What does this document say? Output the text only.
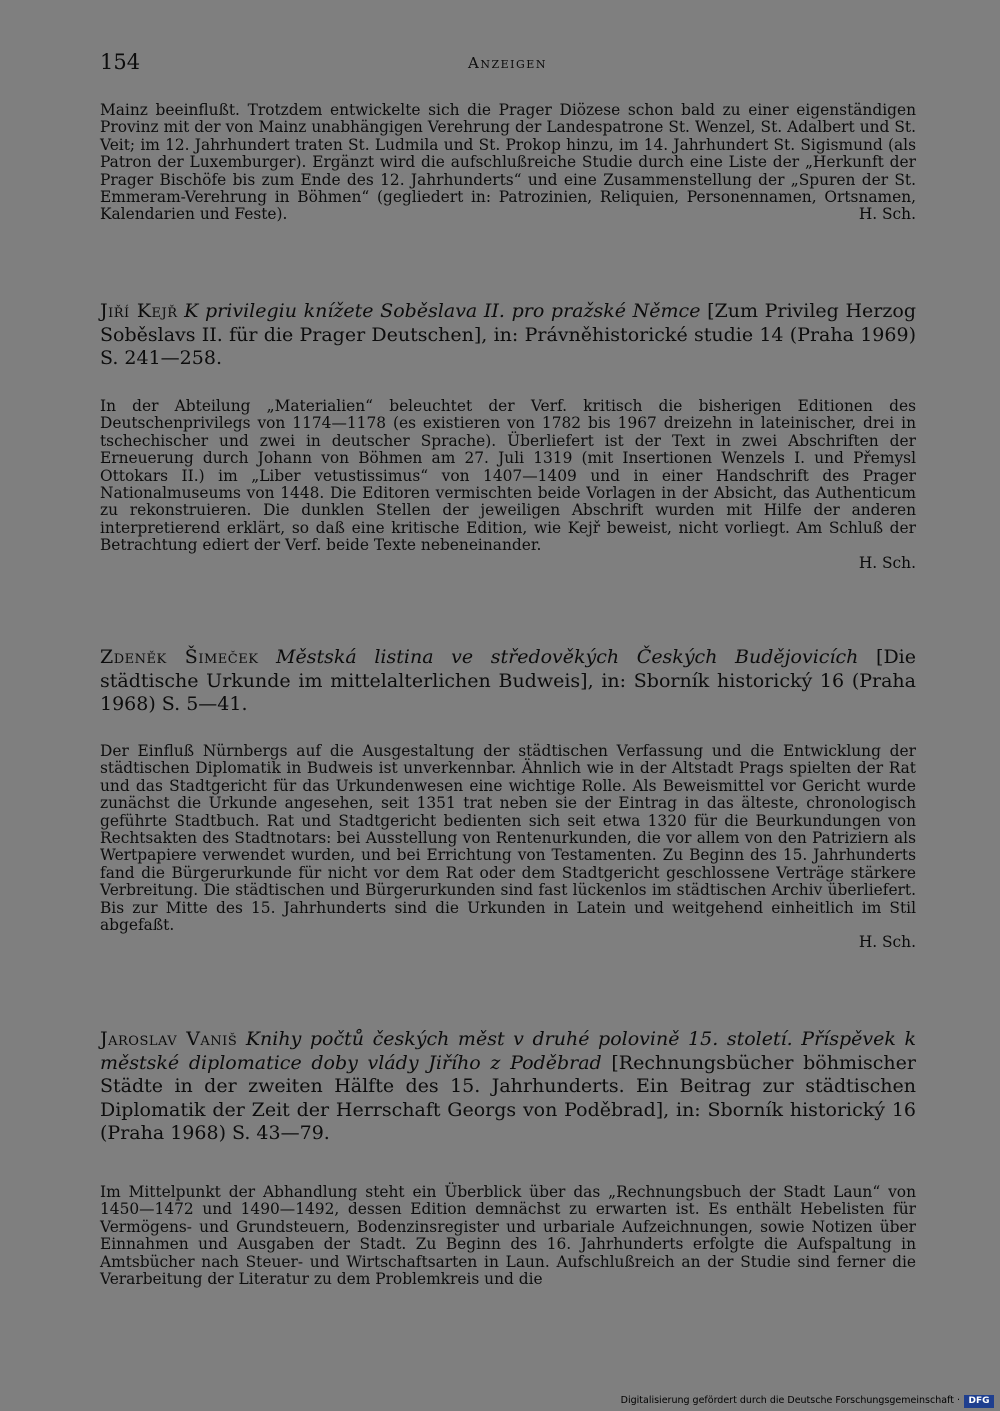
154	Anzeigen

Mainz beeinflußt. Trotzdem entwickelte sich die Prager Diözese schon bald zu einer eigenständigen Provinz mit der von Mainz unabhängigen Verehrung der Landespatrone St. Wenzel, St. Adalbert und St. Veit; im 12. Jahrhundert traten St. Ludmila und St. Prokop hinzu, im 14. Jahrhundert St. Sigismund (als Patron der Luxemburger). Ergänzt wird die aufschlußreiche Studie durch eine Liste der „Herkunft der Prager Bischöfe bis zum Ende des 12. Jahrhunderts“ und eine Zusammenstellung der „Spuren der St. Emmeram-Verehrung in Böhmen“ (gegliedert in: Patrozinien, Reliquien, Personennamen, Ortsnamen, Kalendarien und Feste).	H. Sch.

Jiří Kejř K privilegiu knížete Soběslava II. pro pražské Němce [Zum Privileg Herzog Soběslavs II. für die Prager Deutschen], in: Právněhistorické studie 14 (Praha 1969) S. 241—258.

In der Abteilung „Materialien“ beleuchtet der Verf. kritisch die bisherigen Editionen des Deutschenprivilegs von 1174—1178 (es existieren von 1782 bis 1967 dreizehn in lateinischer, drei in tschechischer und zwei in deutscher Sprache). Überliefert ist der Text in zwei Abschriften der Erneuerung durch Johann von Böhmen am 27. Juli 1319 (mit Insertionen Wenzels I. und Přemysl Ottokars II.) im „Liber vetustissimus“ von 1407—1409 und in einer Handschrift des Prager Nationalmuseums von 1448. Die Editoren vermischten beide Vorlagen in der Absicht, das Authenticum zu rekonstruieren. Die dunklen Stellen der jeweiligen Abschrift wurden mit Hilfe der anderen interpretierend erklärt, so daß eine kritische Edition, wie Kejř beweist, nicht vorliegt. Am Schluß der Betrachtung ediert der Verf. beide Texte nebeneinander.

H. Sch.

Zdeněk Šimeček Městská listina ve středověkých Českých Budějovicích [Die städtische Urkunde im mittelalterlichen Budweis], in: Sborník historický 16 (Praha 1968) S. 5—41.

Der Einfluß Nürnbergs auf die Ausgestaltung der städtischen Verfassung und die Entwicklung der städtischen Diplomatik in Budweis ist unverkennbar. Ähnlich wie in der Altstadt Prags spielten der Rat und das Stadtgericht für das Urkundenwesen eine wichtige Rolle. Als Beweismittel vor Gericht wurde zunächst die Urkunde angesehen, seit 1351 trat neben sie der Eintrag in das älteste, chronologisch geführte Stadtbuch. Rat und Stadtgericht bedienten sich seit etwa 1320 für die Beurkundungen von Rechtsakten des Stadtnotars: bei Ausstellung von Rentenurkunden, die vor allem von den Patriziern als Wertpapiere verwendet wurden, und bei Errichtung von Testamenten. Zu Beginn des 15. Jahrhunderts fand die Bürgerurkunde für nicht vor dem Rat oder dem Stadtgericht geschlossene Verträge stärkere Verbreitung. Die städtischen und Bürgerurkunden sind fast lückenlos im städtischen Archiv überliefert. Bis zur Mitte des 15. Jahrhunderts sind die Urkunden in Latein und weitgehend einheitlich im Stil abgefaßt.

H. Sch.

Jaroslav Vaniš Knihy počtů českých měst v druhé polovině 15. století. Příspěvek k městské diplomatice doby vlády Jiřího z Poděbrad [Rechnungsbücher böhmischer Städte in der zweiten Hälfte des 15. Jahrhunderts. Ein Beitrag zur städtischen Diplomatik der Zeit der Herrschaft Georgs von Poděbrad], in: Sborník historický 16 (Praha 1968) S. 43—79.

Im Mittelpunkt der Abhandlung steht ein Überblick über das „Rechnungsbuch der Stadt Laun“ von 1450—1472 und 1490—1492, dessen Edition demnächst zu erwarten ist. Es enthält Hebelisten für Vermögens- und Grundsteuern, Bodenzinsregister und urbariale Aufzeichnungen, sowie Notizen über Einnahmen und Ausgaben der Stadt. Zu Beginn des 16. Jahrhunderts erfolgte die Aufspaltung in Amtsbücher nach Steuer- und Wirtschaftsarten in Laun. Aufschlußreich an der Studie sind ferner die Verarbeitung der Literatur zu dem Problemkreis und die

Digitalisierung gefördert durch die Deutsche Forschungsgemeinschaft · DFG
